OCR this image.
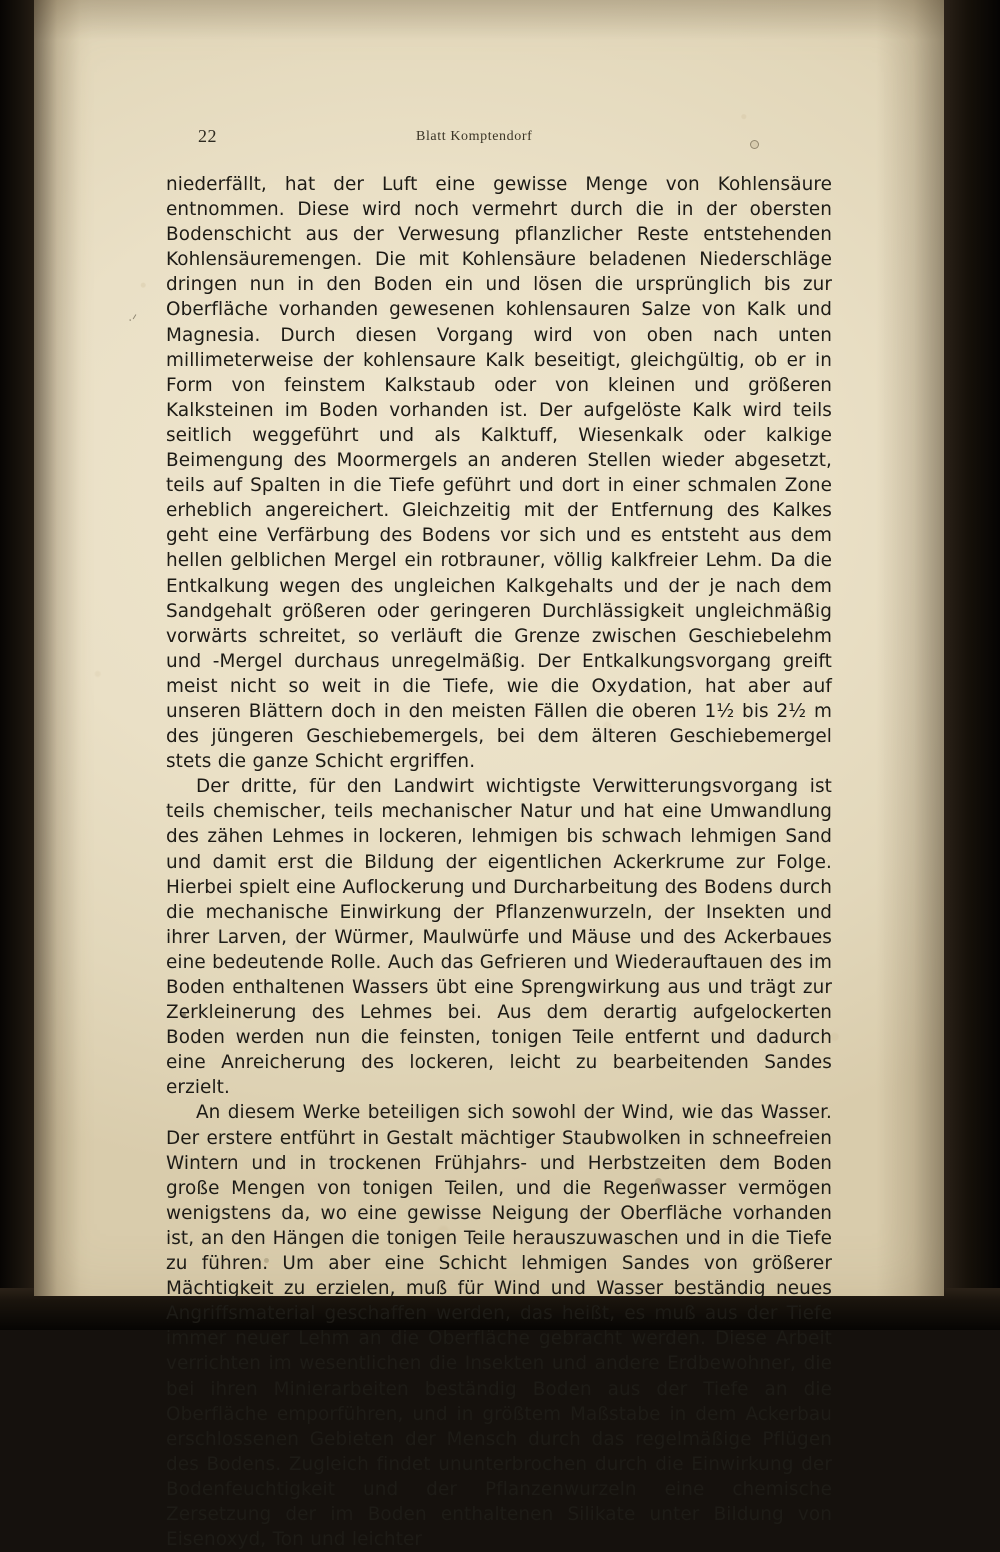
·ᐟ
22	Blatt Komptendorf

niederfällt, hat der Luft eine gewisse Menge von Kohlensäure entnommen. Diese wird noch vermehrt durch die in der obersten Bodenschicht aus der Verwesung pflanzlicher Reste entstehenden Kohlensäuremengen. Die mit Kohlensäure beladenen Niederschläge dringen nun in den Boden ein und lösen die ursprünglich bis zur Oberfläche vorhanden gewesenen kohlensauren Salze von Kalk und Magnesia. Durch diesen Vorgang wird von oben nach unten millimeterweise der kohlensaure Kalk beseitigt, gleichgültig, ob er in Form von feinstem Kalkstaub oder von kleinen und größeren Kalksteinen im Boden vorhanden ist. Der aufgelöste Kalk wird teils seitlich weggeführt und als Kalktuff, Wiesenkalk oder kalkige Beimengung des Moormergels an anderen Stellen wieder abgesetzt, teils auf Spalten in die Tiefe geführt und dort in einer schmalen Zone erheblich angereichert. Gleichzeitig mit der Entfernung des Kalkes geht eine Verfärbung des Bodens vor sich und es entsteht aus dem hellen gelblichen Mergel ein rotbrauner, völlig kalkfreier Lehm. Da die Entkalkung wegen des ungleichen Kalkgehalts und der je nach dem Sandgehalt größeren oder geringeren Durchlässigkeit ungleichmäßig vorwärts schreitet, so verläuft die Grenze zwischen Geschiebelehm und -Mergel durchaus unregelmäßig. Der Entkalkungsvorgang greift meist nicht so weit in die Tiefe, wie die Oxydation, hat aber auf unseren Blättern doch in den meisten Fällen die oberen 1½ bis 2½ m des jüngeren Geschiebemergels, bei dem älteren Geschiebemergel stets die ganze Schicht ergriffen.

Der dritte, für den Landwirt wichtigste Verwitterungsvorgang ist teils chemischer, teils mechanischer Natur und hat eine Umwandlung des zähen Lehmes in lockeren, lehmigen bis schwach lehmigen Sand und damit erst die Bildung der eigentlichen Ackerkrume zur Folge. Hierbei spielt eine Auflockerung und Durcharbeitung des Bodens durch die mechanische Einwirkung der Pflanzenwurzeln, der Insekten und ihrer Larven, der Würmer, Maulwürfe und Mäuse und des Ackerbaues eine bedeutende Rolle. Auch das Gefrieren und Wiederauftauen des im Boden enthaltenen Wassers übt eine Sprengwirkung aus und trägt zur Zerkleinerung des Lehmes bei. Aus dem derartig aufgelockerten Boden werden nun die feinsten, tonigen Teile entfernt und dadurch eine Anreicherung des lockeren, leicht zu bearbeitenden Sandes erzielt.

An diesem Werke beteiligen sich sowohl der Wind, wie das Wasser. Der erstere entführt in Gestalt mächtiger Staubwolken in schneefreien Wintern und in trockenen Frühjahrs- und Herbstzeiten dem Boden große Mengen von tonigen Teilen, und die Regenwasser vermögen wenigstens da, wo eine gewisse Neigung der Oberfläche vorhanden ist, an den Hängen die tonigen Teile herauszuwaschen und in die Tiefe zu führen. Um aber eine Schicht lehmigen Sandes von größerer Mächtigkeit zu erzielen, muß für Wind und Wasser beständig neues Angriffsmaterial geschaffen werden, das heißt, es muß aus der Tiefe immer neuer Lehm an die Oberfläche gebracht werden. Diese Arbeit verrichten im wesentlichen die Insekten und andere Erdbewohner, die bei ihren Minierarbeiten beständig Boden aus der Tiefe an die Oberfläche emporführen, und in größtem Maßstabe in dem Ackerbau erschlossenen Gebieten der Mensch durch das regelmäßige Pflügen des Bodens. Zugleich findet ununterbrochen durch die Einwirkung der Bodenfeuchtigkeit und der Pflanzenwurzeln eine chemische Zersetzung der im Boden enthaltenen Silikate unter Bildung von Eisenoxyd, Ton und leichter
